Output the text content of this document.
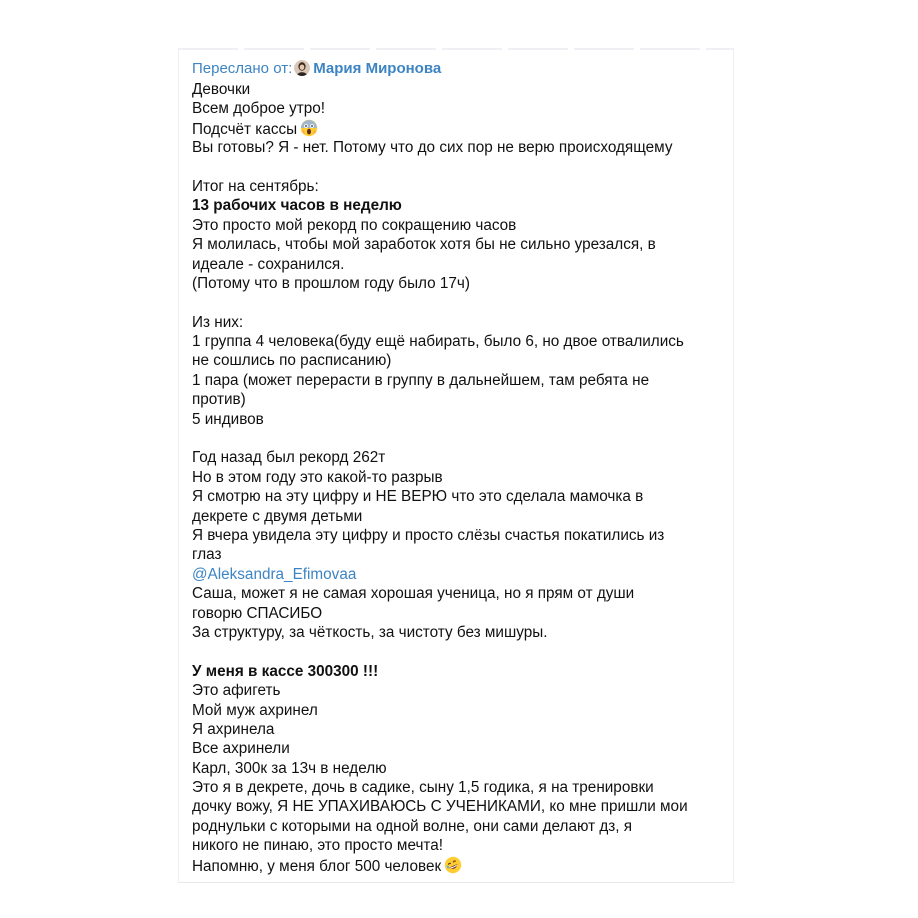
Переслано от: Мария Миронова
Девочки
Всем доброе утро!
Подсчёт кассы
Вы готовы? Я - нет. Потому что до сих пор не верю происходящему
Итог на сентябрь:
13 рабочих часов в неделю
Это просто мой рекорд по сокращению часов
Я молилась, чтобы мой заработок хотя бы не сильно урезался, в
идеале - сохранился.
(Потому что в прошлом году было 17ч)
Из них:
1 группа 4 человека(буду ещё набирать, было 6, но двое отвалились
не сошлись по расписанию)
1 пара (может перерасти в группу в дальнейшем, там ребята не
против)
5 индивов
Год назад был рекорд 262т
Но в этом году это какой-то разрыв
Я смотрю на эту цифру и НЕ ВЕРЮ что это сделала мамочка в
декрете с двумя детьми
Я вчера увидела эту цифру и просто слёзы счастья покатились из
глаз
@Aleksandra_Efimovaa
Саша, может я не самая хорошая ученица, но я прям от души
говорю СПАСИБО
За структуру, за чёткость, за чистоту без мишуры.
У меня в кассе 300300 !!!
Это афигеть
Мой муж ахринел
Я ахринела
Все ахринели
Карл, 300к за 13ч в неделю
Это я в декрете, дочь в садике, сыну 1,5 годика, я на тренировки
дочку вожу, Я НЕ УПАХИВАЮСЬ С УЧЕНИКАМИ, ко мне пришли мои
роднульки с которыми на одной волне, они сами делают дз, я
никого не пинаю, это просто мечта!
Напомню, у меня блог 500 человек
